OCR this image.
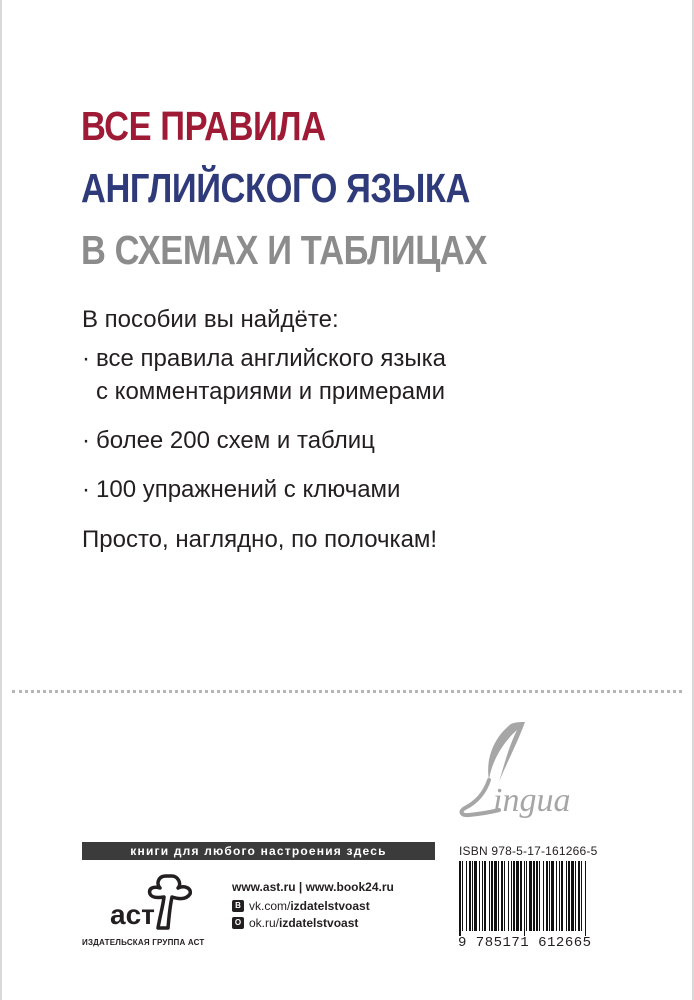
ВСЕ ПРАВИЛА
АНГЛИЙСКОГО ЯЗЫКА
В СХЕМАХ И ТАБЛИЦАХ
В пособии вы найдёте:
· все правила английского языка
с комментариями и примерами
· более 200 схем и таблиц
· 100 упражнений с ключами
Просто, наглядно, по полочкам!
ingua
книги для любого настроения здесь
аст
ИЗДАТЕЛЬСКАЯ ГРУППА АСТ
www.ast.ru | www.book24.ru
В vk.com/ izdatelstvoast
О ok.ru/ izdatelstvoast
ISBN 978-5-17-161266-5
9 785171 612665
